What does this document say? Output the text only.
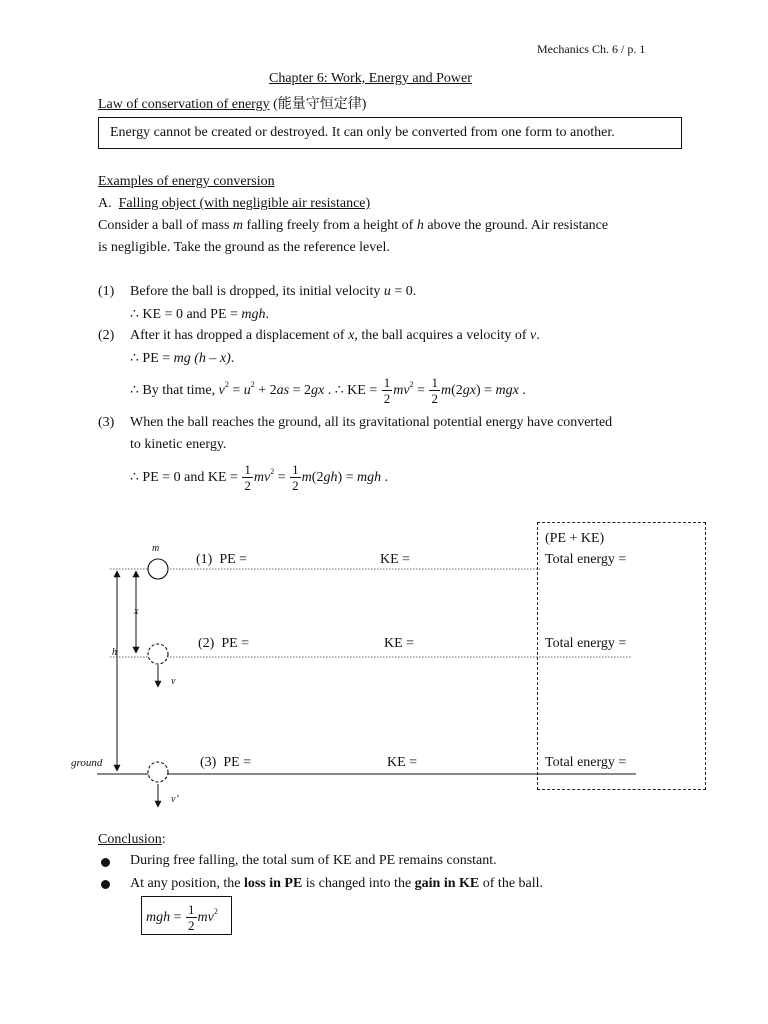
Mechanics Ch. 6 / p. 1
Chapter 6: Work, Energy and Power
Law of conservation of energy (能量守恒定律)
Energy cannot be created or destroyed. It can only be converted from one form to another.
Examples of energy conversion
A. Falling object (with negligible air resistance)
Consider a ball of mass m falling freely from a height of h above the ground. Air resistance
is negligible. Take the ground as the reference level.
(1) Before the ball is dropped, its initial velocity u = 0.
∴ KE = 0 and PE = mgh.
(2) After it has dropped a displacement of x, the ball acquires a velocity of v.
∴ PE = mg (h – x).
∴ By that time, $v^2 = u^2 + 2as = 2gx$ . ∴ KE = $\frac{1}{2} mv^2 = \frac{1}{2} m(2gx)$ = mgx .
(3) When the ball reaches the ground, all its gravitational potential energy have converted
to kinetic energy.
∴ PE = 0 and KE = $\frac{1}{2} mv^2 = \frac{1}{2} m(2gh)$ = mgh .
m
x
h
v
v’
ground
(PE + KE)
(1) PE =	KE =	Total energy =
(2) PE =	KE =	Total energy =
(3) PE =	KE =	Total energy =
Conclusion:
During free falling, the total sum of KE and PE remains constant.
At any position, the loss in PE is changed into the gain in KE of the ball.
mgh = $\frac{1}{2} mv^2$
